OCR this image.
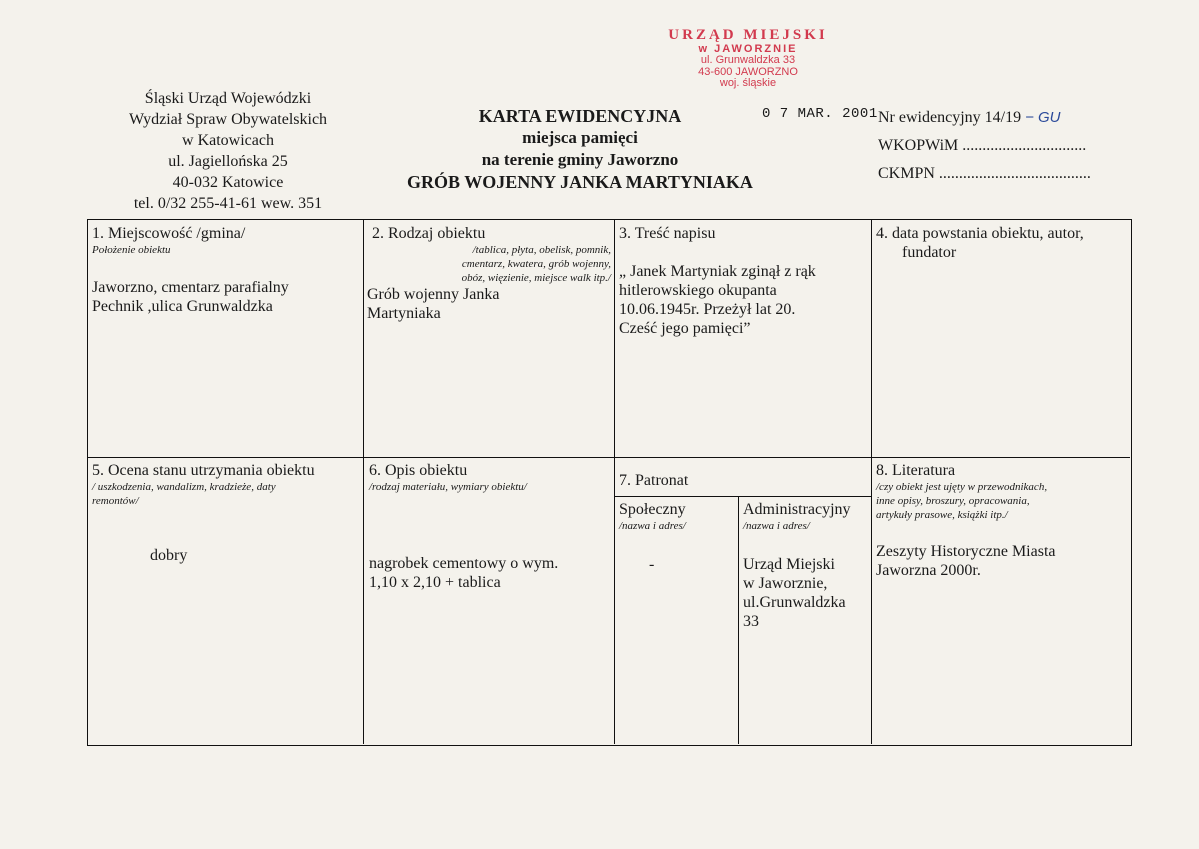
URZĄD MIEJSKI
w JAWORZNIE
ul. Grunwaldzka 33
43-600 JAWORZNO
woj. śląskie
Śląski Urząd Wojewódzki
Wydział Spraw Obywatelskich
w Katowicach
ul. Jagiellońska 25
40-032 Katowice
tel. 0/32 255-41-61 wew. 351
KARTA EWIDENCYJNA
miejsca pamięci
na terenie gminy Jaworzno
GRÓB WOJENNY JANKA MARTYNIAKA
0 7 MAR. 2001 Nr ewidencyjny 14/19 − GU
WKOPWiM ...............................
CKMPN ......................................
1. Miejscowość /gmina/
Położenie obiektu
Jaworzno, cmentarz parafialny
Pechnik ,ulica Grunwaldzka
2. Rodzaj obiektu
/tablica, płyta, obelisk, pomnik,
cmentarz, kwatera, grób wojenny,
obóz, więzienie, miejsce walk itp./
Grób wojenny Janka
Martyniaka
3. Treść napisu
„ Janek Martyniak zginął z rąk
hitlerowskiego okupanta
10.06.1945r. Przeżył lat 20.
Cześć jego pamięci”
4. data powstania obiektu, autor,
fundator
5. Ocena stanu utrzymania obiektu
/ uszkodzenia, wandalizm, kradzieże, daty
remontów/
dobry
6. Opis obiektu
/rodzaj materiału, wymiary obiektu/
nagrobek cementowy o wym.
1,10 x 2,10 + tablica
7. Patronat
Społeczny
/nazwa i adres/
-
Administracyjny
/nazwa i adres/
Urząd Miejski
w Jaworznie,
ul.Grunwaldzka
33
8. Literatura
/czy obiekt jest ujęty w przewodnikach,
inne opisy, broszury, opracowania,
artykuły prasowe, książki itp./
Zeszyty Historyczne Miasta
Jaworzna 2000r.
